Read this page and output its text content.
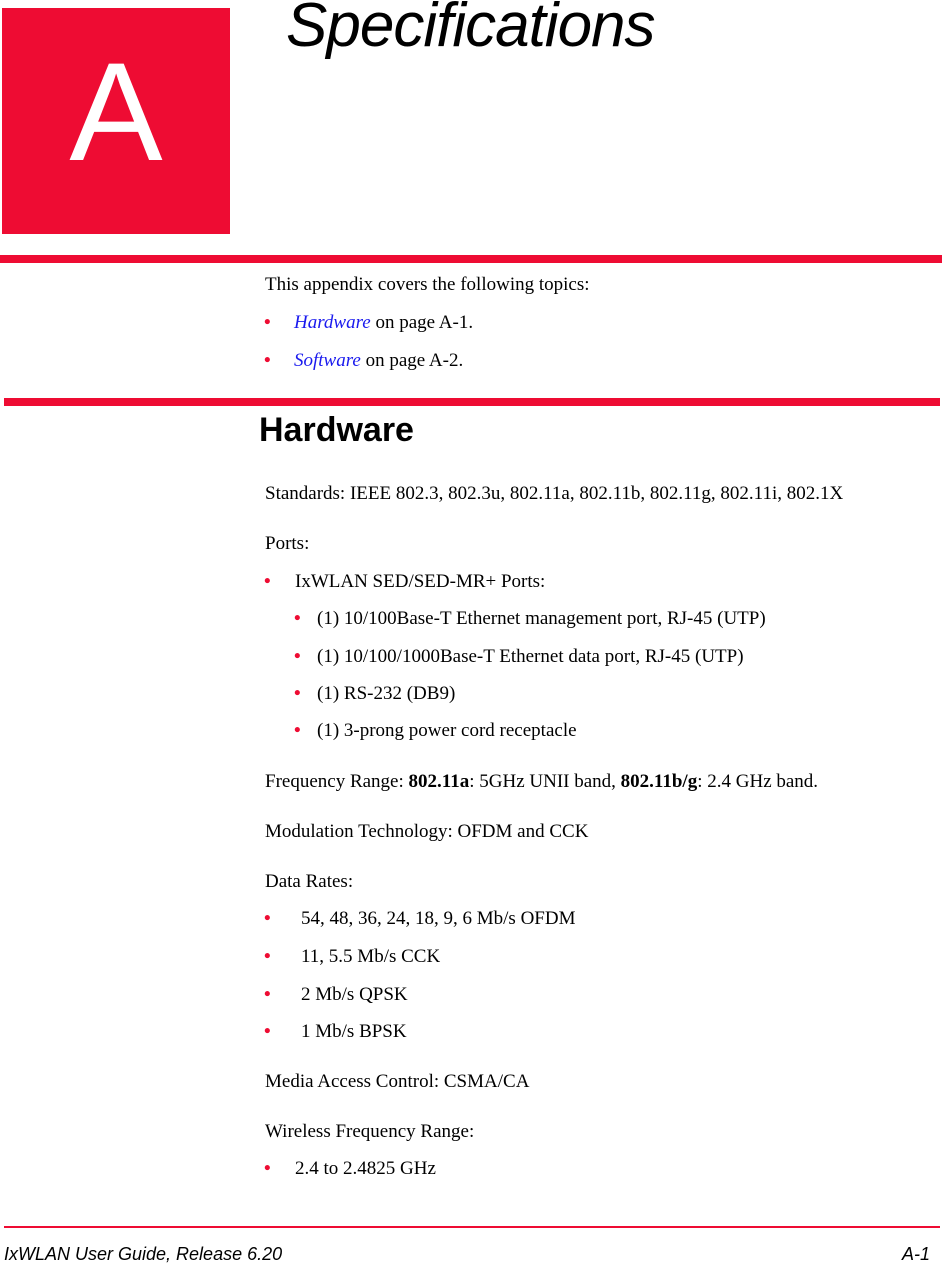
A
Specifications
This appendix covers the following topics:
• Hardware on page A-1.
• Software on page A-2.
Hardware
Standards: IEEE 802.3, 802.3u, 802.11a, 802.11b, 802.11g, 802.11i, 802.1X
Ports:
• IxWLAN SED/SED-MR+ Ports:
• (1) 10/100Base-T Ethernet management port, RJ-45 (UTP)
• (1) 10/100/1000Base-T Ethernet data port, RJ-45 (UTP)
• (1) RS-232 (DB9)
• (1) 3-prong power cord receptacle
Frequency Range: 802.11a: 5GHz UNII band, 802.11b/g: 2.4 GHz band.
Modulation Technology: OFDM and CCK
Data Rates:
• 54, 48, 36, 24, 18, 9, 6 Mb/s OFDM
• 11, 5.5 Mb/s CCK
• 2 Mb/s QPSK
• 1 Mb/s BPSK
Media Access Control: CSMA/CA
Wireless Frequency Range:
• 2.4 to 2.4825 GHz
IxWLAN User Guide, Release 6.20	A-1
